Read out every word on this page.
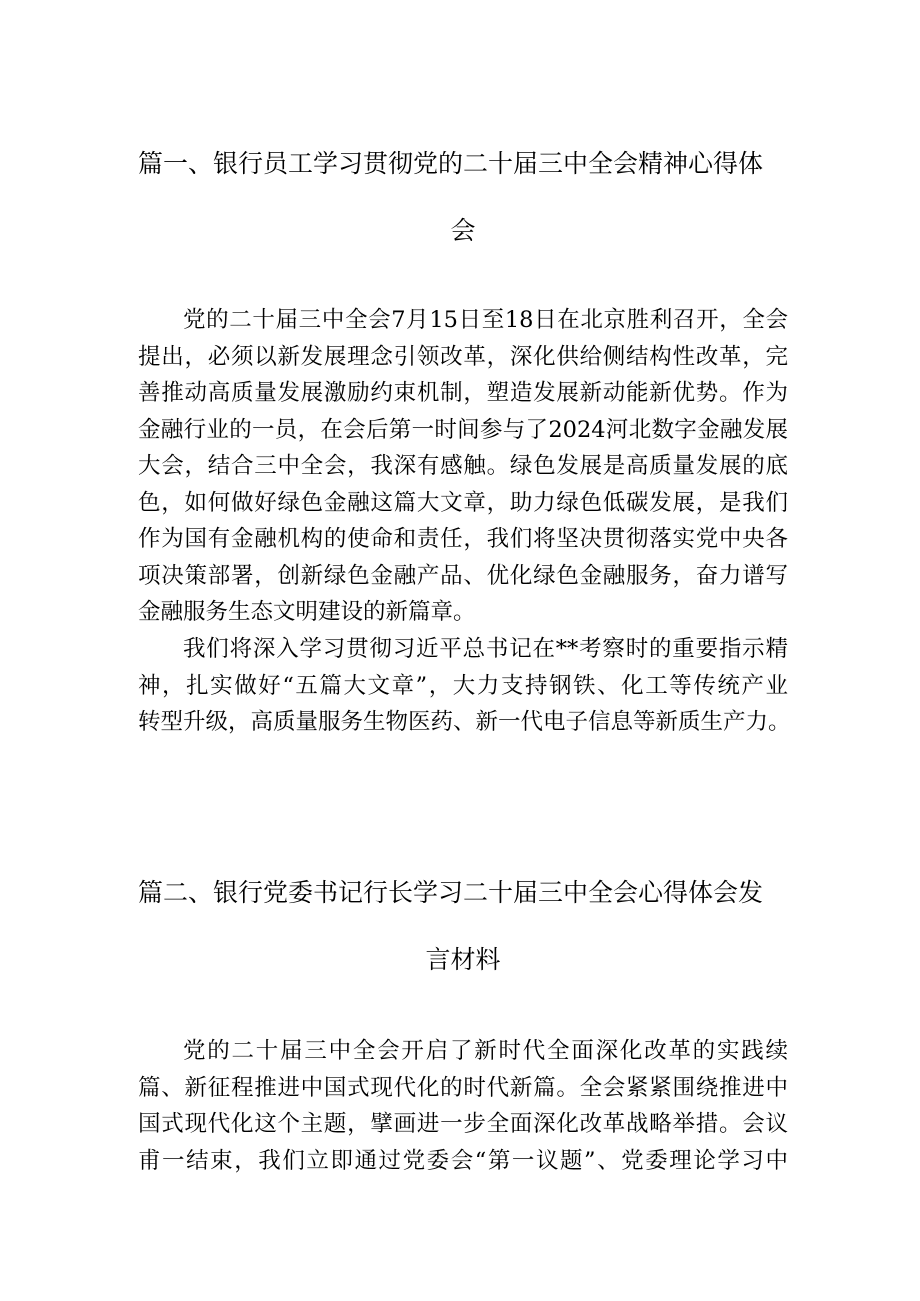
篇一、银行员工学习贯彻党的二十届三中全会精神心得体
会
党的二十届三中全会7月15日至18日在北京胜利召开，全会
提出，必须以新发展理念引领改革，深化供给侧结构性改革，完
善推动高质量发展激励约束机制，塑造发展新动能新优势。作为
金融行业的一员，在会后第一时间参与了2024河北数字金融发展
大会，结合三中全会，我深有感触。绿色发展是高质量发展的底
色，如何做好绿色金融这篇大文章，助力绿色低碳发展，是我们
作为国有金融机构的使命和责任，我们将坚决贯彻落实党中央各
项决策部署，创新绿色金融产品、优化绿色金融服务，奋力谱写
金融服务生态文明建设的新篇章。
我们将深入学习贯彻习近平总书记在**考察时的重要指示精
神，扎实做好“五篇大文章”，大力支持钢铁、化工等传统产业
转型升级，高质量服务生物医药、新一代电子信息等新质生产力。
篇二、银行党委书记行长学习二十届三中全会心得体会发
言材料
党的二十届三中全会开启了新时代全面深化改革的实践续
篇、新征程推进中国式现代化的时代新篇。全会紧紧围绕推进中
国式现代化这个主题，擘画进一步全面深化改革战略举措。会议
甫一结束，我们立即通过党委会“第一议题”、党委理论学习中
